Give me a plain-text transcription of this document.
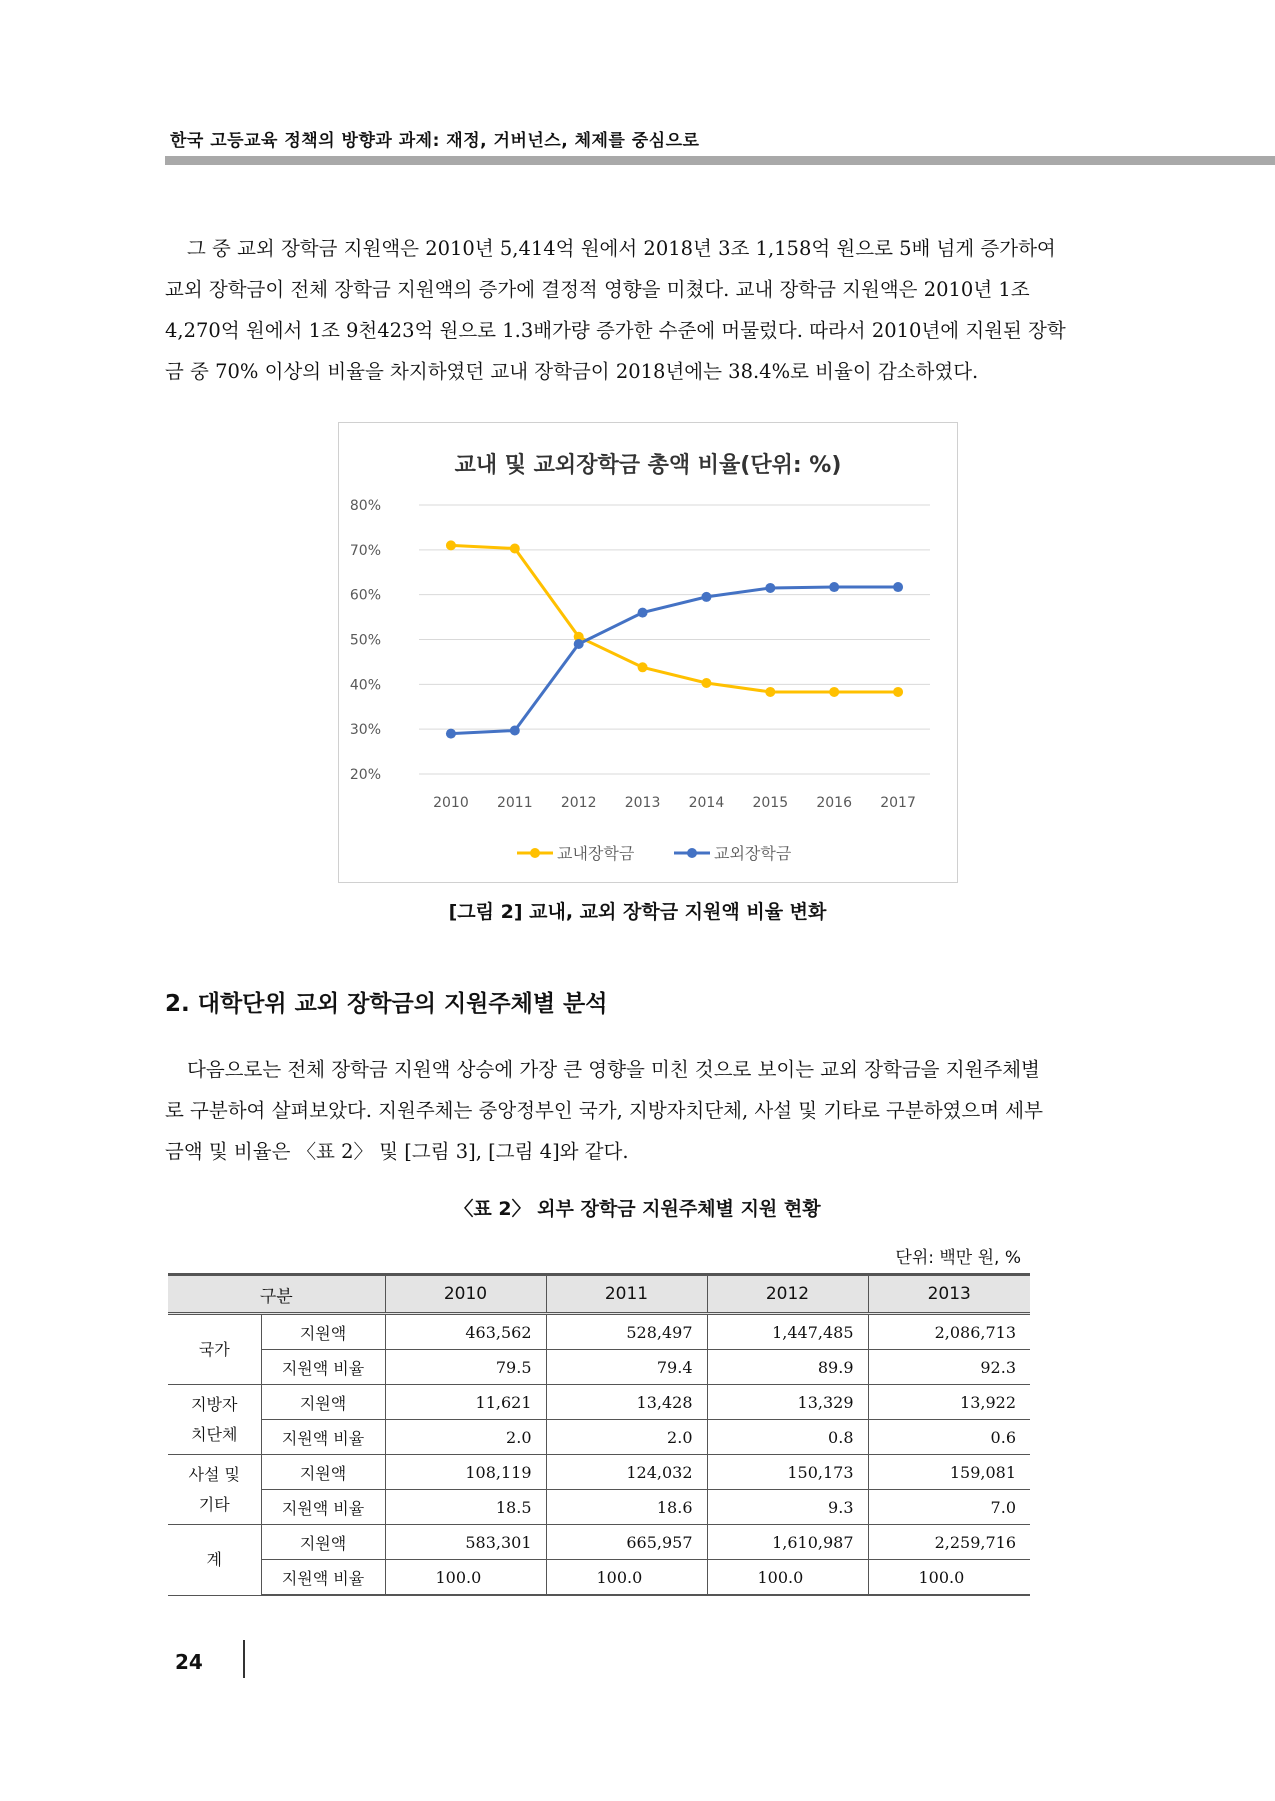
한국 고등교육 정책의 방향과 과제: 재정, 거버넌스, 체제를 중심으로
그 중 교외 장학금 지원액은 2010년 5,414억 원에서 2018년 3조 1,158억 원으로 5배 넘게 증가하여
교외 장학금이 전체 장학금 지원액의 증가에 결정적 영향을 미쳤다. 교내 장학금 지원액은 2010년 1조
4,270억 원에서 1조 9천423억 원으로 1.3배가량 증가한 수준에 머물렀다. 따라서 2010년에 지원된 장학
금 중 70% 이상의 비율을 차지하였던 교내 장학금이 2018년에는 38.4%로 비율이 감소하였다.
교내 및 교외장학금 총액 비율(단위: %)
20%
30%
40%
50%
60%
70%
80%
2010 2011 2012 2013 2014 2015 2016 2017
교내장학금	교외장학금
[그림 2] 교내, 교외 장학금 지원액 비율 변화
2. 대학단위 교외 장학금의 지원주체별 분석
다음으로는 전체 장학금 지원액 상승에 가장 큰 영향을 미친 것으로 보이는 교외 장학금을 지원주체별
로 구분하여 살펴보았다. 지원주체는 중앙정부인 국가, 지방자치단체, 사설 및 기타로 구분하였으며 세부
금액 및 비율은 〈표 2〉 및 [그림 3], [그림 4]와 같다.
〈표 2〉 외부 장학금 지원주체별 지원 현황
단위: 백만 원, %
구분		2010	2011	2012	2013
국가	지원액	463,562	528,497	1,447,485	2,086,713
	지원액 비율	79.5	79.4	89.9	92.3
지방자
치단체	지원액	11,621	13,428	13,329	13,922
	지원액 비율	2.0	2.0	0.8	0.6
사설 및
기타	지원액	108,119	124,032	150,173	159,081
	지원액 비율	18.5	18.6	9.3	7.0
계	지원액	583,301	665,957	1,610,987	2,259,716
	지원액 비율	100.0	100.0	100.0	100.0
24
